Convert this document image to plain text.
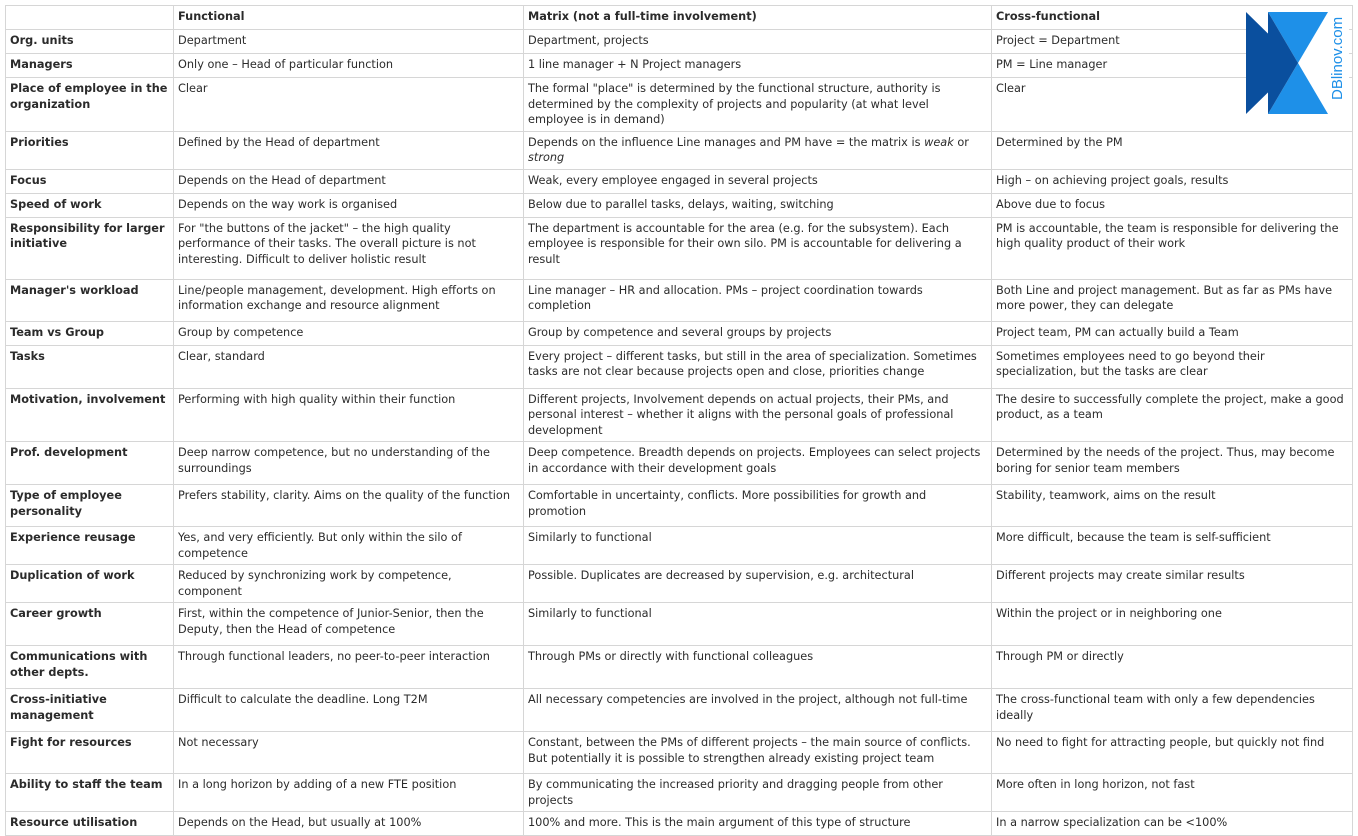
	Functional	Matrix (not a full-time involvement)	Cross-functional
Org. units	Department	Department, projects	Project = Department
Managers	Only one – Head of particular function	1 line manager + N Project managers	PM = Line manager
Place of employee in the organization	Clear	The formal "place" is determined by the functional structure, authority is determined by the complexity of projects and popularity (at what level employee is in demand)	Clear
Priorities	Defined by the Head of department	Depends on the influence Line manages and PM have = the matrix is weak or strong	Determined by the PM
Focus	Depends on the Head of department	Weak, every employee engaged in several projects	High – on achieving project goals, results
Speed of work	Depends on the way work is organised	Below due to parallel tasks, delays, waiting, switching	Above due to focus
Responsibility for larger initiative	For "the buttons of the jacket" – the high quality performance of their tasks. The overall picture is not interesting. Difficult to deliver holistic result	The department is accountable for the area (e.g. for the subsystem). Each employee is responsible for their own silo. PM is accountable for delivering a result	PM is accountable, the team is responsible for delivering the high quality product of their work
Manager's workload	Line/people management, development. High efforts on information exchange and resource alignment	Line manager – HR and allocation. PMs – project coordination towards completion	Both Line and project management. But as far as PMs have more power, they can delegate
Team vs Group	Group by competence	Group by competence and several groups by projects	Project team, PM can actually build a Team
Tasks	Clear, standard	Every project – different tasks, but still in the area of specialization. Sometimes tasks are not clear because projects open and close, priorities change	Sometimes employees need to go beyond their specialization, but the tasks are clear
Motivation, involvement	Performing with high quality within their function	Different projects, Involvement depends on actual projects, their PMs, and personal interest – whether it aligns with the personal goals of professional development	The desire to successfully complete the project, make a good product, as a team
Prof. development	Deep narrow competence, but no understanding of the surroundings	Deep competence. Breadth depends on projects. Employees can select projects in accordance with their development goals	Determined by the needs of the project. Thus, may become boring for senior team members
Type of employee personality	Prefers stability, clarity. Aims on the quality of the function	Comfortable in uncertainty, conflicts. More possibilities for growth and promotion	Stability, teamwork, aims on the result
Experience reusage	Yes, and very efficiently. But only within the silo of competence	Similarly to functional	More difficult, because the team is self-sufficient
Duplication of work	Reduced by synchronizing work by competence, component	Possible. Duplicates are decreased by supervision, e.g. architectural	Different projects may create similar results
Career growth	First, within the competence of Junior-Senior, then the Deputy, then the Head of competence	Similarly to functional	Within the project or in neighboring one
Communications with other depts.	Through functional leaders, no peer-to-peer interaction	Through PMs or directly with functional colleagues	Through PM or directly
Cross-initiative management	Difficult to calculate the deadline. Long T2M	All necessary competencies are involved in the project, although not full-time	The cross-functional team with only a few dependencies ideally
Fight for resources	Not necessary	Constant, between the PMs of different projects – the main source of conflicts. But potentially it is possible to strengthen already existing project team	No need to fight for attracting people, but quickly not find
Ability to staff the team	In a long horizon by adding of a new FTE position	By communicating the increased priority and dragging people from other projects	More often in long horizon, not fast
Resource utilisation	Depends on the Head, but usually at 100%	100% and more. This is the main argument of this type of structure	In a narrow specialization can be <100%
DBlinov.com
